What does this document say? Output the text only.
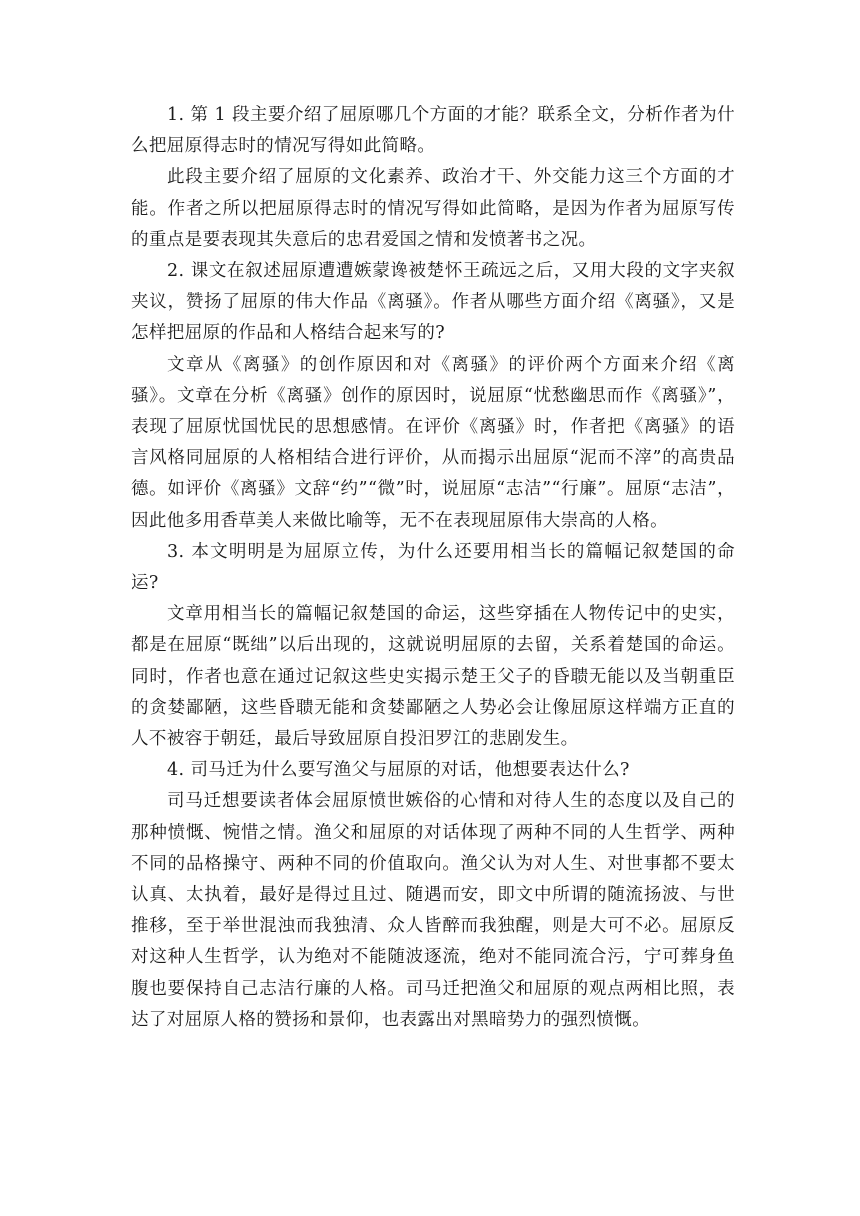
1. 第 1 段主要介绍了屈原哪几个方面的才能？联系全文，分析作者为什么把屈原得志时的情况写得如此简略。

此段主要介绍了屈原的文化素养、政治才干、外交能力这三个方面的才能。作者之所以把屈原得志时的情况写得如此简略，是因为作者为屈原写传的重点是要表现其失意后的忠君爱国之情和发愤著书之况。

2. 课文在叙述屈原遭遭嫉蒙谗被楚怀王疏远之后，又用大段的文字夹叙夹议，赞扬了屈原的伟大作品《离骚》。作者从哪些方面介绍《离骚》，又是怎样把屈原的作品和人格结合起来写的?

文章从《离骚》的创作原因和对《离骚》的评价两个方面来介绍《离骚》。文章在分析《离骚》创作的原因时，说屈原“忧愁幽思而作《离骚》”，表现了屈原忧国忧民的思想感情。在评价《离骚》时，作者把《离骚》的语言风格同屈原的人格相结合进行评价，从而揭示出屈原“泥而不滓”的高贵品德。如评价《离骚》文辞“约”“微”时，说屈原“志洁”“行廉”。屈原“志洁”，因此他多用香草美人来做比喻等，无不在表现屈原伟大崇高的人格。

3. 本文明明是为屈原立传，为什么还要用相当长的篇幅记叙楚国的命运?

文章用相当长的篇幅记叙楚国的命运，这些穿插在人物传记中的史实，都是在屈原“既绌”以后出现的，这就说明屈原的去留，关系着楚国的命运。同时，作者也意在通过记叙这些史实揭示楚王父子的昏聩无能以及当朝重臣的贪婪鄙陋，这些昏聩无能和贪婪鄙陋之人势必会让像屈原这样端方正直的人不被容于朝廷，最后导致屈原自投汨罗江的悲剧发生。

4. 司马迁为什么要写渔父与屈原的对话，他想要表达什么?

司马迁想要读者体会屈原愤世嫉俗的心情和对待人生的态度以及自己的那种愤慨、惋惜之情。渔父和屈原的对话体现了两种不同的人生哲学、两种不同的品格操守、两种不同的价值取向。渔父认为对人生、对世事都不要太认真、太执着，最好是得过且过、随遇而安，即文中所谓的随流扬波、与世推移，至于举世混浊而我独清、众人皆醉而我独醒，则是大可不必。屈原反对这种人生哲学，认为绝对不能随波逐流，绝对不能同流合污，宁可葬身鱼腹也要保持自己志洁行廉的人格。司马迁把渔父和屈原的观点两相比照，表达了对屈原人格的赞扬和景仰，也表露出对黑暗势力的强烈愤慨。
